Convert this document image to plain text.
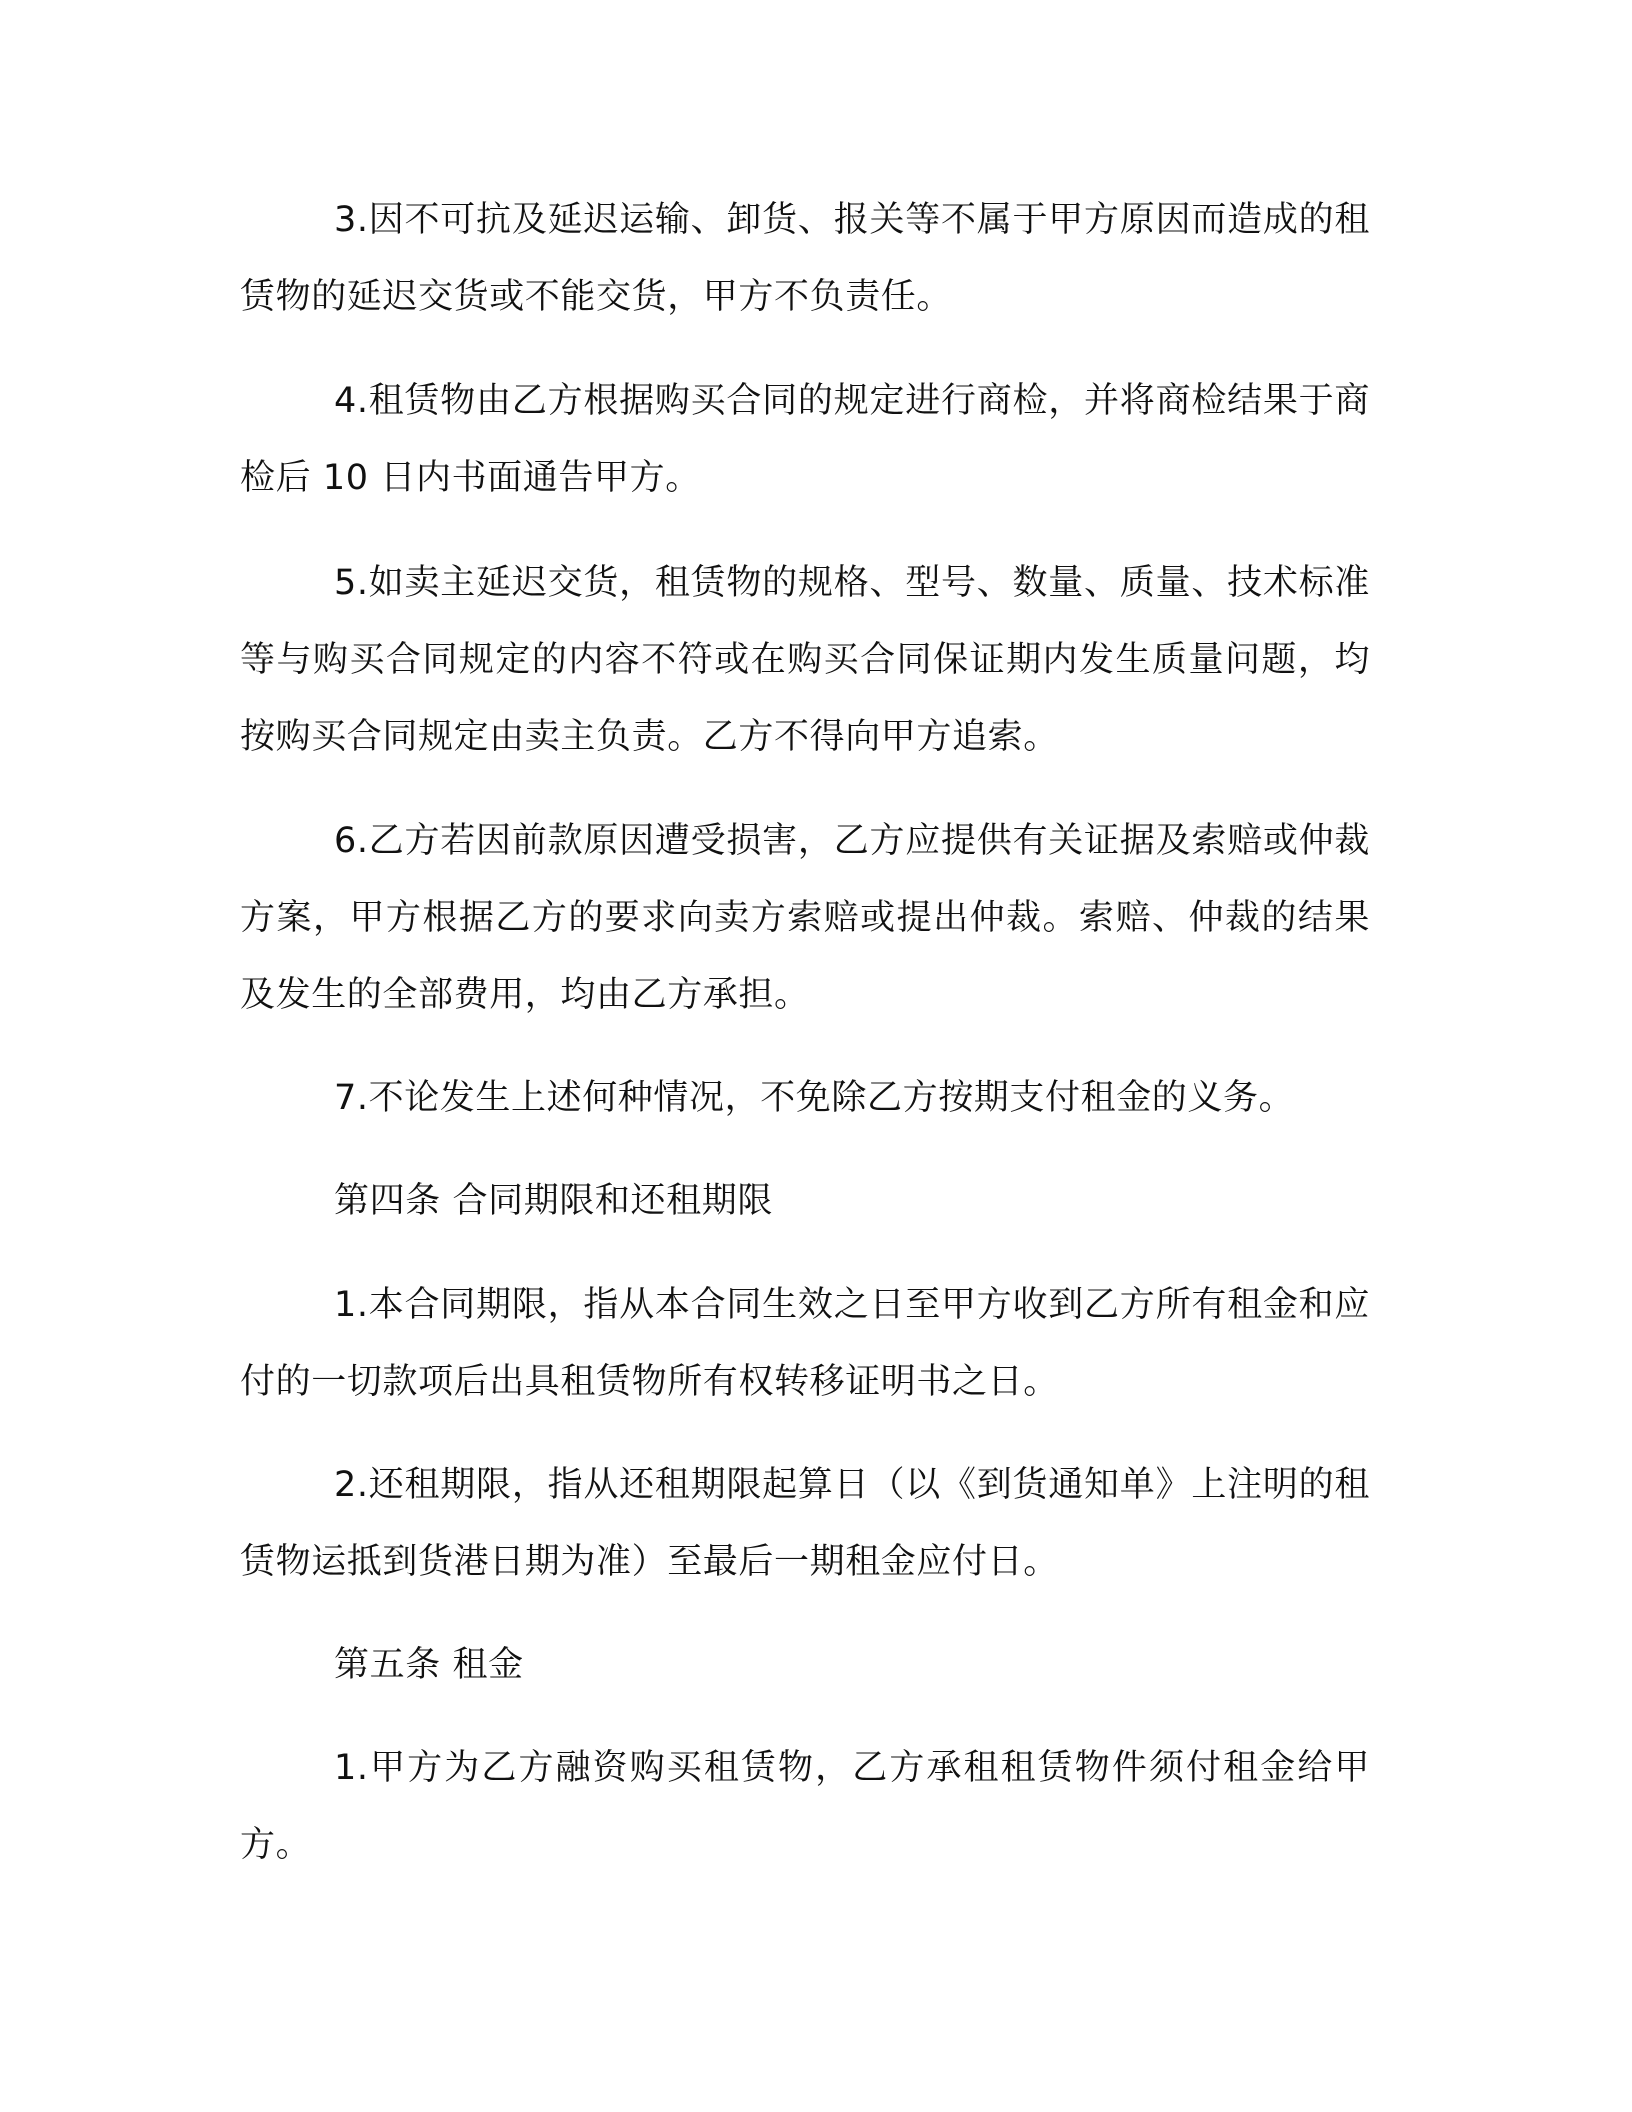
3.因不可抗及延迟运输、卸货、报关等不属于甲方原因而造成的租赁物的延迟交货或不能交货，甲方不负责任。

4.租赁物由乙方根据购买合同的规定进行商检，并将商检结果于商检后 10 日内书面通告甲方。

5.如卖主延迟交货，租赁物的规格、型号、数量、质量、技术标准等与购买合同规定的内容不符或在购买合同保证期内发生质量问题，均按购买合同规定由卖主负责。乙方不得向甲方追索。

6.乙方若因前款原因遭受损害，乙方应提供有关证据及索赔或仲裁方案，甲方根据乙方的要求向卖方索赔或提出仲裁。索赔、仲裁的结果及发生的全部费用，均由乙方承担。

7.不论发生上述何种情况，不免除乙方按期支付租金的义务。

第四条 合同期限和还租期限

1.本合同期限，指从本合同生效之日至甲方收到乙方所有租金和应付的一切款项后出具租赁物所有权转移证明书之日。

2.还租期限，指从还租期限起算日（以《到货通知单》上注明的租赁物运抵到货港日期为准）至最后一期租金应付日。

第五条 租金

1.甲方为乙方融资购买租赁物，乙方承租租赁物件须付租金给甲方。
